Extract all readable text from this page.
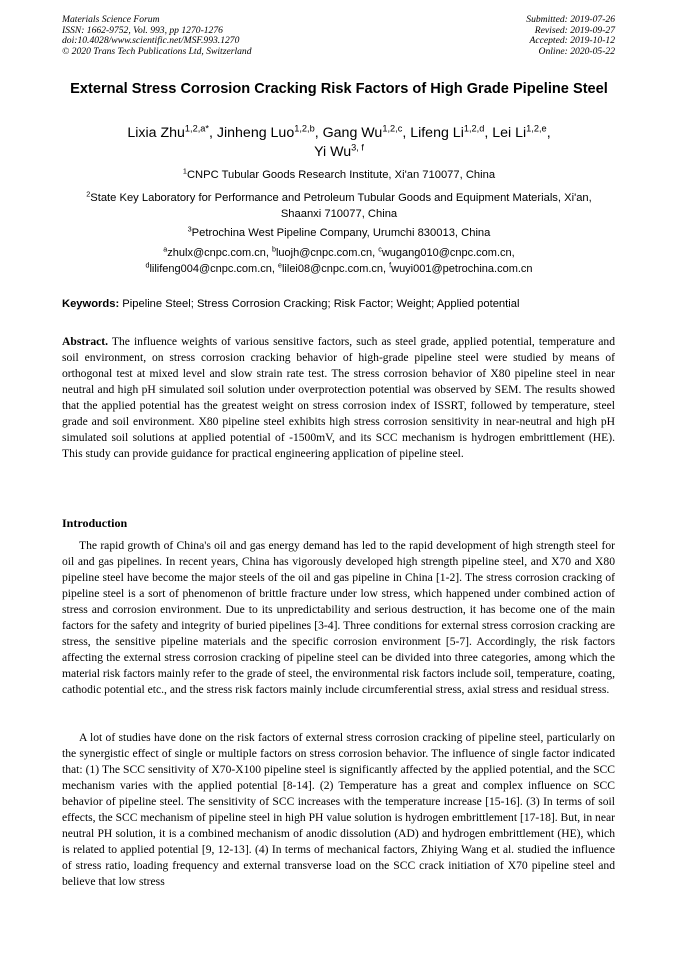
Materials Science Forum
ISSN: 1662-9752, Vol. 993, pp 1270-1276
doi:10.4028/www.scientific.net/MSF.993.1270
© 2020 Trans Tech Publications Ltd, Switzerland
Submitted: 2019-07-26
Revised: 2019-09-27
Accepted: 2019-10-12
Online: 2020-05-22
External Stress Corrosion Cracking Risk Factors of High Grade Pipeline Steel
Lixia Zhu$^{1,2,a*}$, Jinheng Luo$^{1,2,b}$, Gang Wu$^{1,2,c}$, Lifeng Li$^{1,2,d}$, Lei Li$^{1,2,e}$,
Yi Wu$^{3, f}$
$^1$CNPC Tubular Goods Research Institute, Xi'an 710077, China
$^2$State Key Laboratory for Performance and Petroleum Tubular Goods and Equipment Materials, Xi'an, Shaanxi 710077, China
$^3$Petrochina West Pipeline Company, Urumchi 830013, China
$^a$zhulx@cnpc.com.cn, $^b$luojh@cnpc.com.cn, $^c$wugang010@cnpc.com.cn,
$^d$lilifeng004@cnpc.com.cn, $^e$lilei08@cnpc.com.cn, $^f$wuyi001@petrochina.com.cn
Keywords: Pipeline Steel; Stress Corrosion Cracking; Risk Factor; Weight; Applied potential
Abstract. The influence weights of various sensitive factors, such as steel grade, applied potential, temperature and soil environment, on stress corrosion cracking behavior of high-grade pipeline steel were studied by means of orthogonal test at mixed level and slow strain rate test. The stress corrosion behavior of X80 pipeline steel in near neutral and high pH simulated soil solution under overprotection potential was observed by SEM. The results showed that the applied potential has the greatest weight on stress corrosion index of ISSRT, followed by temperature, steel grade and soil environment. X80 pipeline steel exhibits high stress corrosion sensitivity in near-neutral and high pH simulated soil solutions at applied potential of -1500mV, and its SCC mechanism is hydrogen embrittlement (HE). This study can provide guidance for practical engineering application of pipeline steel.
Introduction
The rapid growth of China's oil and gas energy demand has led to the rapid development of high strength steel for oil and gas pipelines. In recent years, China has vigorously developed high strength pipeline steel, and X70 and X80 pipeline steel have become the major steels of the oil and gas pipeline in China [1-2]. The stress corrosion cracking of pipeline steel is a sort of phenomenon of brittle fracture under low stress, which happened under combined action of stress and corrosion environment. Due to its unpredictability and serious destruction, it has become one of the main factors for the safety and integrity of buried pipelines [3-4]. Three conditions for external stress corrosion cracking are stress, the sensitive pipeline materials and the specific corrosion environment [5-7]. Accordingly, the risk factors affecting the external stress corrosion cracking of pipeline steel can be divided into three categories, among which the material risk factors mainly refer to the grade of steel, the environmental risk factors include soil, temperature, coating, cathodic potential etc., and the stress risk factors mainly include circumferential stress, axial stress and residual stress.
A lot of studies have done on the risk factors of external stress corrosion cracking of pipeline steel, particularly on the synergistic effect of single or multiple factors on stress corrosion behavior. The influence of single factor indicated that: (1) The SCC sensitivity of X70-X100 pipeline steel is significantly affected by the applied potential, and the SCC mechanism varies with the applied potential [8-14]. (2) Temperature has a great and complex influence on SCC behavior of pipeline steel. The sensitivity of SCC increases with the temperature increase [15-16]. (3) In terms of soil effects, the SCC mechanism of pipeline steel in high PH value solution is hydrogen embrittlement [17-18]. But, in near neutral PH solution, it is a combined mechanism of anodic dissolution (AD) and hydrogen embrittlement (HE), which is related to applied potential [9, 12-13]. (4) In terms of mechanical factors, Zhiying Wang et al. studied the influence of stress ratio, loading frequency and external transverse load on the SCC crack initiation of X70 pipeline steel and believe that low stress
